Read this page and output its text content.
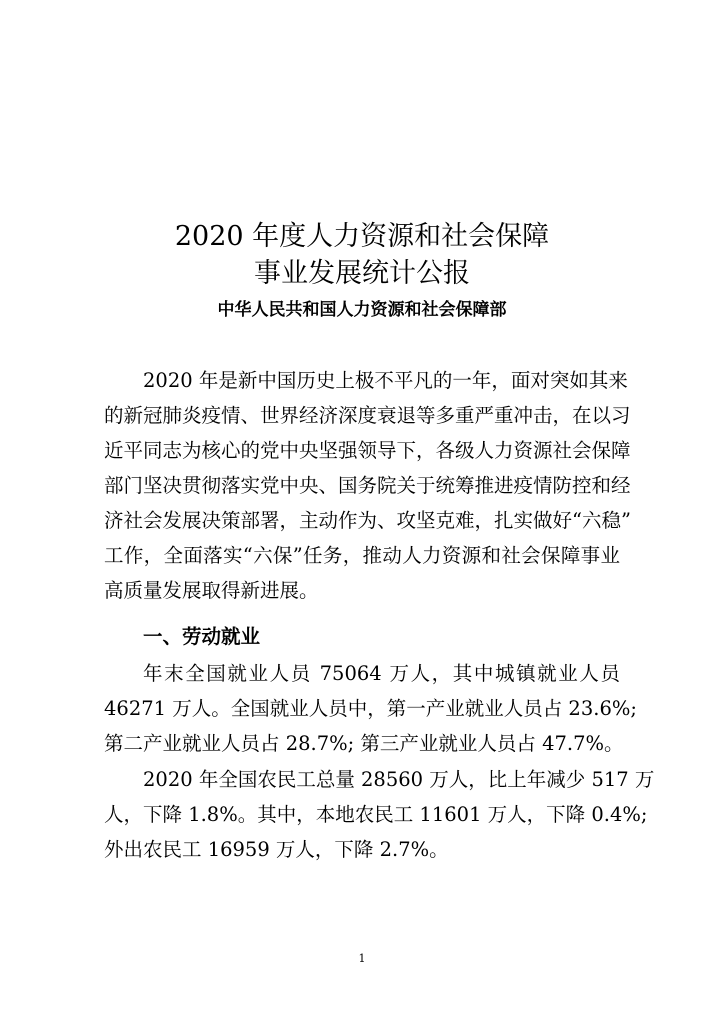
2020 年度人力资源和社会保障
事业发展统计公报
中华人民共和国人力资源和社会保障部
2020 年是新中国历史上极不平凡的一年，面对突如其来
的新冠肺炎疫情、世界经济深度衰退等多重严重冲击，在以习
近平同志为核心的党中央坚强领导下，各级人力资源社会保障
部门坚决贯彻落实党中央、国务院关于统筹推进疫情防控和经
济社会发展决策部署，主动作为、攻坚克难，扎实做好“六稳”
工作，全面落实“六保”任务，推动人力资源和社会保障事业
高质量发展取得新进展。
一、劳动就业
年末全国就业人员 75064 万人，其中城镇就业人员
46271 万人。全国就业人员中，第一产业就业人员占 23.6%;
第二产业就业人员占 28.7%; 第三产业就业人员占 47.7%。
2020 年全国农民工总量 28560 万人，比上年减少 517 万
人，下降 1.8%。其中，本地农民工 11601 万人，下降 0.4%;
外出农民工 16959 万人，下降 2.7%。
1
